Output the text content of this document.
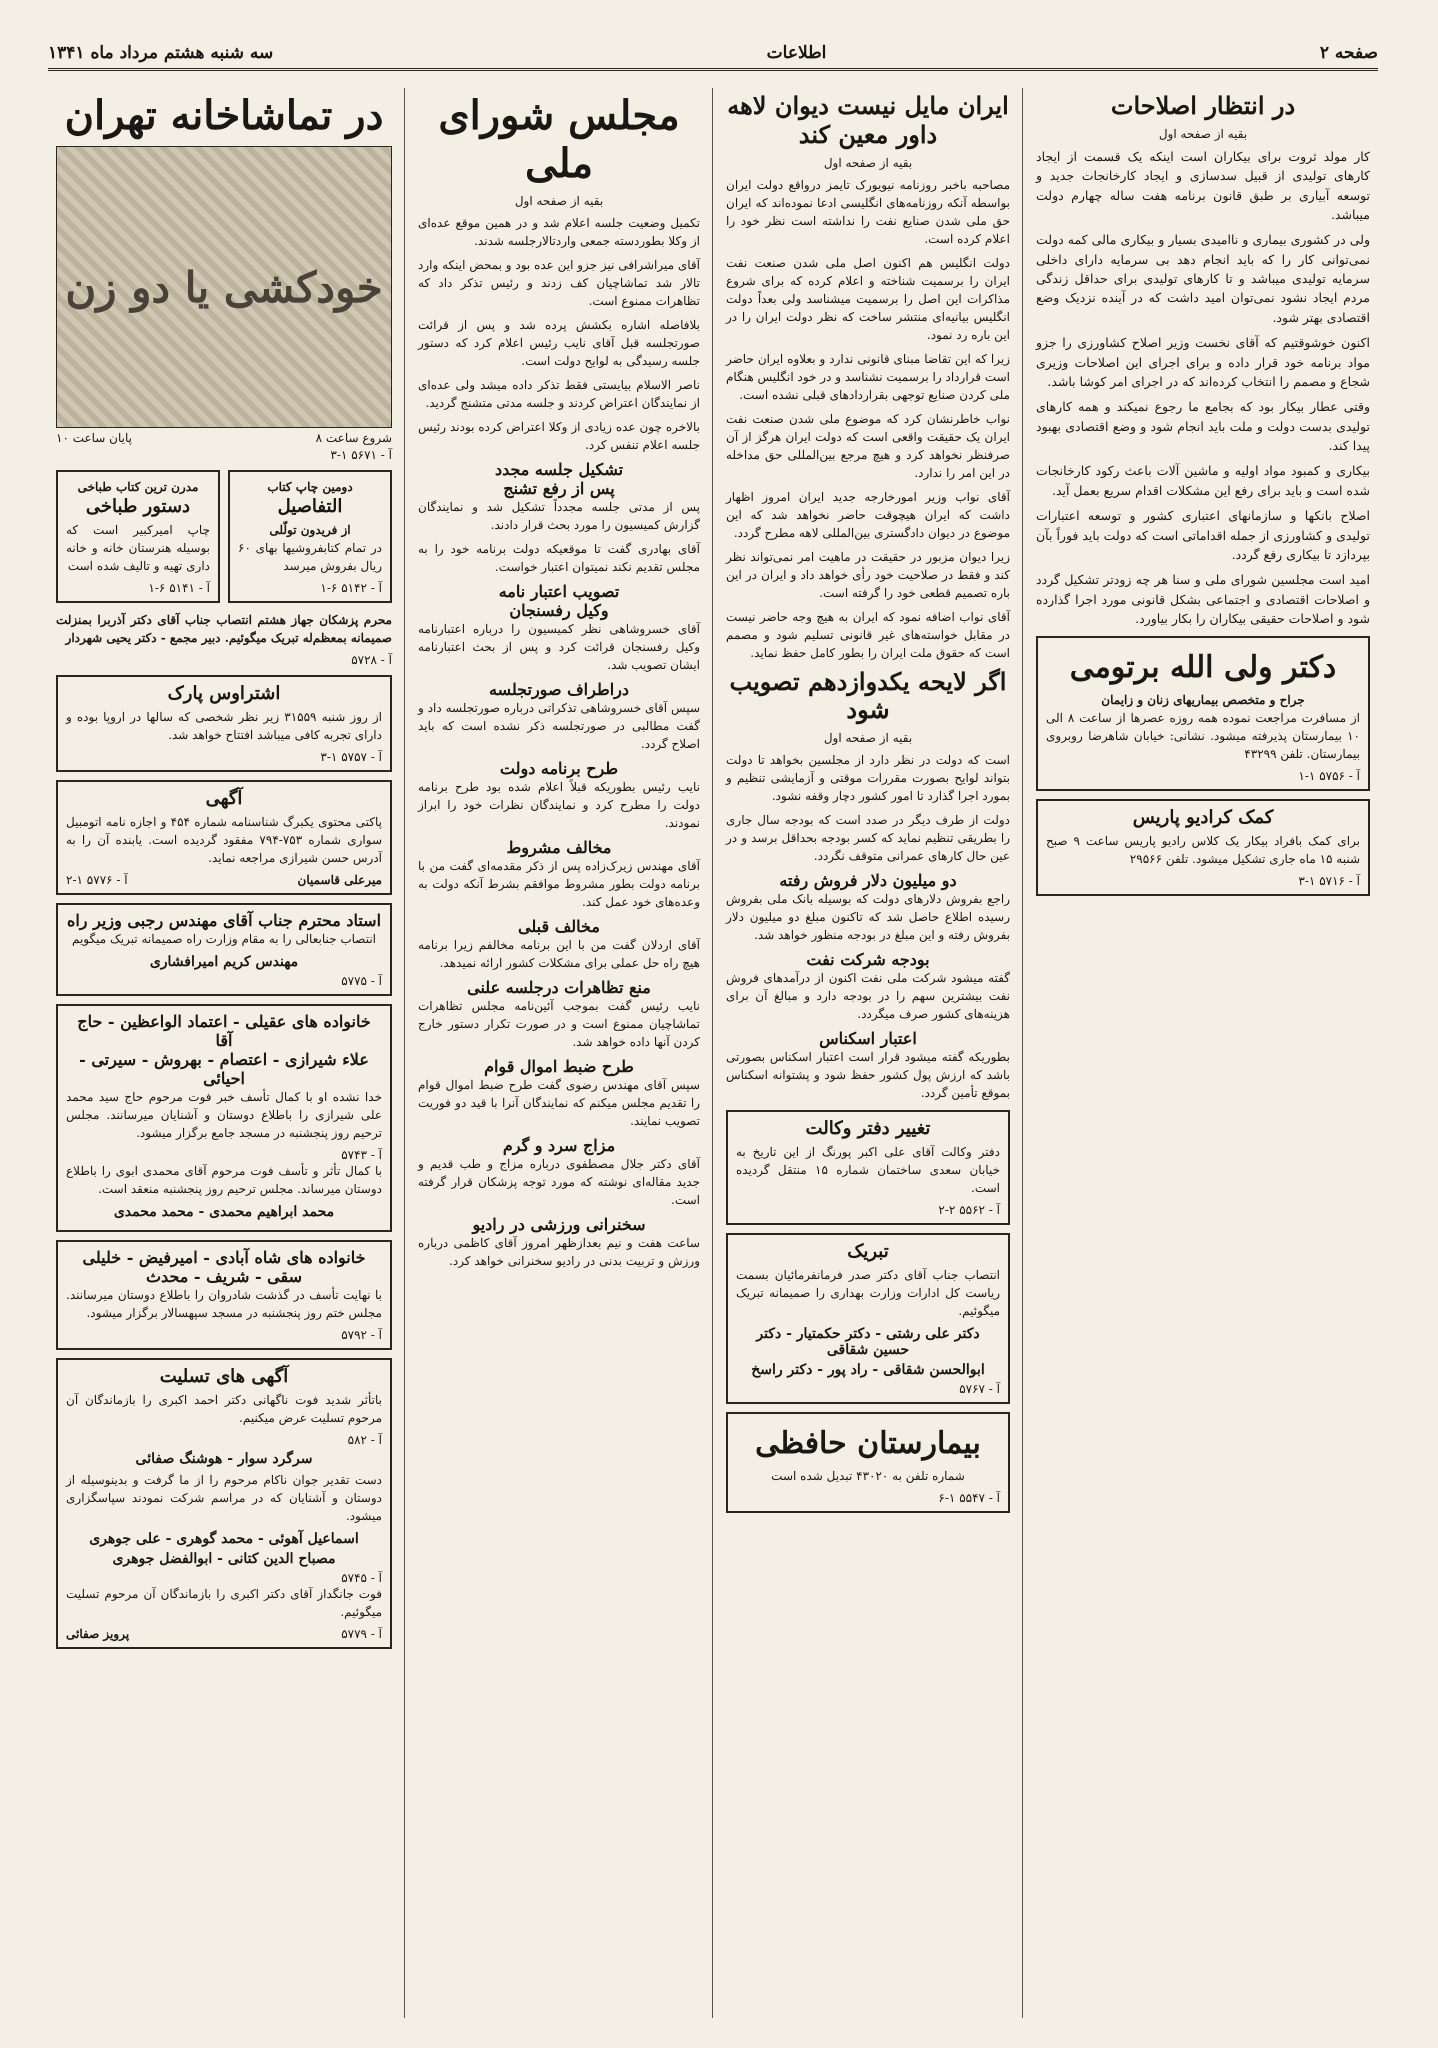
صفحه ۲
اطلاعات
سه شنبه هشتم مرداد ماه ۱۳۴۱
در انتظار اصلاحات
بقیه از صفحه اول

کار مولد ثروت برای بیکاران است اینکه یک قسمت از ایجاد کارهای تولیدی از قبیل سدسازی و ایجاد کارخانجات جدید و توسعه آبیاری بر طبق قانون برنامه هفت ساله چهارم دولت میباشد.

ولی در کشوری بیماری و ناامیدی بسیار و بیکاری مالی کمه دولت نمی‌توانی کار را که باید انجام دهد بی سرمایه دارای داخلی سرمایه تولیدی میباشد و تا کارهای تولیدی برای حداقل زندگی مردم ایجاد نشود نمی‌توان امید داشت که در آینده نزدیک وضع اقتصادی بهتر شود.

اکنون خوشوقتیم که آقای نخست وزیر اصلاح کشاورزی را جزو مواد برنامه خود قرار داده و برای اجرای این اصلاحات وزیری شجاع و مصمم را انتخاب کرده‌اند که در اجرای امر کوشا باشد.

وقتی عطار بیکار بود که بجامع ما رجوع نمیکند و همه کارهای تولیدی بدست دولت و ملت باید انجام شود و وضع اقتصادی بهبود پیدا کند.

بیکاری و کمبود مواد اولیه و ماشین آلات باعث رکود کارخانجات شده است و باید برای رفع این مشکلات اقدام سریع بعمل آید.

اصلاح بانکها و سازمانهای اعتباری کشور و توسعه اعتبارات تولیدی و کشاورزی از جمله اقداماتی است که دولت باید فوراً بآن بپردازد تا بیکاری رفع گردد.

امید است مجلسین شورای ملی و سنا هر چه زودتر تشکیل گردد و اصلاحات اقتصادی و اجتماعی بشکل قانونی مورد اجرا گذارده شود و اصلاحات حقیقی بیکاران را بکار بیاورد.

دکتر ولی الله برتومی
جراح و متخصص بیماریهای زنان و زایمان

از مسافرت مراجعت نموده همه روزه عصرها از ساعت ۸ الی ۱۰ بیمارستان پذیرفته میشود. نشانی: خیابان شاهرضا روبروی بیمارستان. تلفن ۴۳۲۹۹

آ - ۵۷۵۶ ۱-۱
کمک کرادیو پاریس

برای کمک بافراد بیکار یک کلاس رادیو پاریس ساعت ۹ صبح شنبه ۱۵ ماه جاری تشکیل میشود. تلفن ۲۹۵۶۶

آ - ۵۷۱۶ ۱-۳
ایران مایل نیست دیوان لاهه داور معین کند
بقیه از صفحه اول

مصاحبه باخبر روزنامه نیویورک تایمز درواقع دولت ایران بواسطه آنکه روزنامه‌های انگلیسی ادعا نموده‌اند که ایران حق ملی شدن صنایع نفت را نداشته است نظر خود را اعلام کرده است.

دولت انگلیس هم اکنون اصل ملی شدن صنعت نفت ایران را برسمیت شناخته و اعلام کرده که برای شروع مذاکرات این اصل را برسمیت میشناسد ولی بعداً دولت انگلیس بیانیه‌ای منتشر ساخت که نظر دولت ایران را در این باره رد نمود.

زیرا که این تقاضا مبنای قانونی ندارد و بعلاوه ایران حاضر است قرارداد را برسمیت نشناسد و در خود انگلیس هنگام ملی کردن صنایع توجهی بقراردادهای قبلی نشده است.

نواب خاطرنشان کرد که موضوع ملی شدن صنعت نفت ایران یک حقیقت واقعی است که دولت ایران هرگز از آن صرفنظر نخواهد کرد و هیچ مرجع بین‌المللی حق مداخله در این امر را ندارد.

آقای نواب وزیر امورخارجه جدید ایران امروز اظهار داشت که ایران هیچوقت حاضر نخواهد شد که این موضوع در دیوان دادگستری بین‌المللی لاهه مطرح گردد.

زیرا دیوان مزبور در حقیقت در ماهیت امر نمی‌تواند نظر کند و فقط در صلاحیت خود رأی خواهد داد و ایران در این باره تصمیم قطعی خود را گرفته است.

آقای نواب اضافه نمود که ایران به هیچ وجه حاضر نیست در مقابل خواسته‌های غیر قانونی تسلیم شود و مصمم است که حقوق ملت ایران را بطور کامل حفظ نماید.

اگر لایحه یکدوازدهم تصویب شود
بقیه از صفحه اول

است که دولت در نظر دارد از مجلسین بخواهد تا دولت بتواند لوایح بصورت مقررات موقتی و آزمایشی تنظیم و بمورد اجرا گذارد تا امور کشور دچار وقفه نشود.

دولت از طرف دیگر در صدد است که بودجه سال جاری را بطریقی تنظیم نماید که کسر بودجه بحداقل برسد و در عین حال کارهای عمرانی متوقف نگردد.

دو میلیون دلار فروش رفته

راجع بفروش دلارهای دولت که بوسیله بانک ملی بفروش رسیده اطلاع حاصل شد که تاکنون مبلغ دو میلیون دلار بفروش رفته و این مبلغ در بودجه منظور خواهد شد.

بودجه شرکت نفت

گفته میشود شرکت ملی نفت اکنون از درآمدهای فروش نفت بیشترین سهم را در بودجه دارد و مبالغ آن برای هزینه‌های کشور صرف میگردد.

اعتبار اسکناس

بطوریکه گفته میشود قرار است اعتبار اسکناس بصورتی باشد که ارزش پول کشور حفظ شود و پشتوانه اسکناس بموقع تأمین گردد.

تغییر دفتر وکالت

دفتر وکالت آقای علی اکبر پورنگ از این تاریخ به خیابان سعدی ساختمان شماره ۱۵ منتقل گردیده است.

آ - ۵۵۶۲ ۲-۲
تبریک

انتصاب جناب آقای دکتر صدر فرمانفرمائیان بسمت ریاست کل ادارات وزارت بهداری را صمیمانه تبریک میگوئیم.

دکتر علی رشتی - دکتر حکمتیار - دکتر حسین شقاقی
ابوالحسن شقاقی - راد پور - دکتر راسخ
آ - ۵۷۶۷
بیمارستان حافظی

شماره تلفن به ۴۳۰۲۰ تبدیل شده است

آ - ۵۵۴۷ ۱-۶
مجلس شورای ملی
بقیه از صفحه اول

تکمیل وضعیت جلسه اعلام شد و در همین موقع عده‌ای از وکلا بطوردسته جمعی واردتالارجلسه شدند.

آقای میراشرافی نیز جزو این عده بود و بمحض اینکه وارد تالار شد تماشاچیان کف زدند و رئیس تذکر داد که تظاهرات ممنوع است.

بلافاصله اشاره بکشش پرده شد و پس از قرائت صورتجلسه قبل آقای نایب رئیس اعلام کرد که دستور جلسه رسیدگی به لوایح دولت است.

ناصر الاسلام بیایستی فقط تذکر داده میشد ولی عده‌ای از نمایندگان اعتراض کردند و جلسه مدتی متشنج گردید.

بالاخره چون عده زیادی از وکلا اعتراض کرده بودند رئیس جلسه اعلام تنفس کرد.

تشکیل جلسه مجدد
پس از رفع تشنج

پس از مدتی جلسه مجدداً تشکیل شد و نمایندگان گزارش کمیسیون را مورد بحث قرار دادند.

آقای بهادری گفت تا موقعیکه دولت برنامه خود را به مجلس تقدیم نکند نمیتوان اعتبار خواست.

تصویب اعتبار نامه
وکیل رفسنجان

آقای خسروشاهی نظر کمیسیون را درباره اعتبارنامه وکیل رفسنجان قرائت کرد و پس از بحث اعتبارنامه ایشان تصویب شد.

دراطراف صورتجلسه

سپس آقای خسروشاهی تذکراتی درباره صورتجلسه داد و گفت مطالبی در صورتجلسه ذکر نشده است که باید اصلاح گردد.

طرح برنامه دولت

نایب رئیس بطوریکه قبلاً اعلام شده بود طرح برنامه دولت را مطرح کرد و نمایندگان نظرات خود را ابراز نمودند.

مخالف مشروط

آقای مهندس زیرک‌زاده پس از ذکر مقدمه‌ای گفت من با برنامه دولت بطور مشروط موافقم بشرط آنکه دولت به وعده‌های خود عمل کند.

مخالف قبلی

آقای اردلان گفت من با این برنامه مخالفم زیرا برنامه هیچ راه حل عملی برای مشکلات کشور ارائه نمیدهد.

منع تظاهرات درجلسه علنی

نایب رئیس گفت بموجب آئین‌نامه مجلس تظاهرات تماشاچیان ممنوع است و در صورت تکرار دستور خارج کردن آنها داده خواهد شد.

طرح ضبط اموال قوام

سپس آقای مهندس رضوی گفت طرح ضبط اموال قوام را تقدیم مجلس میکنم که نمایندگان آنرا با قید دو فوریت تصویب نمایند.

مزاج سرد و گرم

آقای دکتر جلال مصطفوی درباره مزاج و طب قدیم و جدید مقاله‌ای نوشته که مورد توجه پزشکان قرار گرفته است.

سخنرانی ورزشی در رادیو

ساعت هفت و نیم بعدازظهر امروز آقای کاظمی درباره ورزش و تربیت بدنی در رادیو سخنرانی خواهد کرد.

در تماشاخانه تهران
خودکشی یا دو زن
شروع ساعت ۸
پایان ساعت ۱۰
آ - ۵۶۷۱ ۱-۳
دومین چاپ کتاب
التفاصیل
از فریدون تولّلی

در تمام کتابفروشیها بهای ۶۰ ریال بفروش میرسد

آ - ۵۱۴۲ ۶-۱
مدرن ترین کتاب طباخی
دستور طباخی

چاپ امیرکبیر است که بوسیله هنرستان خانه و خانه داری تهیه و تالیف شده است

آ - ۵۱۴۱ ۶-۱

محرم پزشکان جهاز هشتم انتصاب جناب آقای دکتر آذربرا بمنزلت صمیمانه بمعظم‌له تبریک میگوئیم. دبیر مجمع - دکتر یحیی شهردار

آ - ۵۷۲۸
اشتراوس پارک

از روز شنبه ۳۱۵۵۹ زیر نظر شخصی که سالها در اروپا بوده و دارای تجربه کافی میباشد افتتاح خواهد شد.

آ - ۵۷۵۷ ۱-۳
آگهی

پاکتی محتوی یکبرگ شناسنامه شماره ۴۵۴ و اجازه نامه اتومبیل سواری شماره ۷۵۳-۷۹۴ مفقود گردیده است. یابنده آن را به آدرس حسن شیرازی مراجعه نماید.

میرعلی قاسمیان
آ - ۵۷۷۶ ۱-۲
استاد محترم جناب آقای مهندس رجبی وزیر راه

انتصاب جنابعالی را به مقام وزارت راه صمیمانه تبریک میگویم

مهندس کریم امیرافشاری
آ - ۵۷۷۵
خانواده های عقیلی - اعتماد الواعظین - حاج آقا
علاء شیرازی - اعتصام - بهروش - سیرتی - احیائی

خدا نشده او با کمال تأسف خبر فوت مرحوم حاج سید محمد علی شیرازی را باطلاع دوستان و آشنایان میرسانند. مجلس ترحیم روز پنجشنبه در مسجد جامع برگزار میشود.

آ - ۵۷۴۳

با کمال تأثر و تأسف فوت مرحوم آقای محمدی ابوی را باطلاع دوستان میرساند. مجلس ترحیم روز پنجشنبه منعقد است.

محمد ابراهیم محمدی - محمد محمدی
خانواده های شاه آبادی - امیرفیض - خلیلی
سقی - شریف - محدث

با نهایت تأسف در گذشت شادروان را باطلاع دوستان میرسانند. مجلس ختم روز پنجشنبه در مسجد سپهسالار برگزار میشود.

آ - ۵۷۹۲
آگهی های تسلیت

باتأثر شدید فوت ناگهانی دکتر احمد اکبری را بازماندگان آن مرحوم تسلیت عرض میکنیم.

آ - ۵۸۲
سرگرد سوار - هوشنگ صفائی

دست تقدیر جوان ناکام مرحوم را از ما گرفت و بدینوسیله از دوستان و آشنایان که در مراسم شرکت نمودند سپاسگزاری میشود.

اسماعیل آهوئی - محمد گوهری - علی جوهری
مصباح الدین کتانی - ابوالفضل جوهری
آ - ۵۷۴۵

فوت جانگداز آقای دکتر اکبری را بازماندگان آن مرحوم تسلیت میگوئیم.

آ - ۵۷۷۹
پرویز صفائی
